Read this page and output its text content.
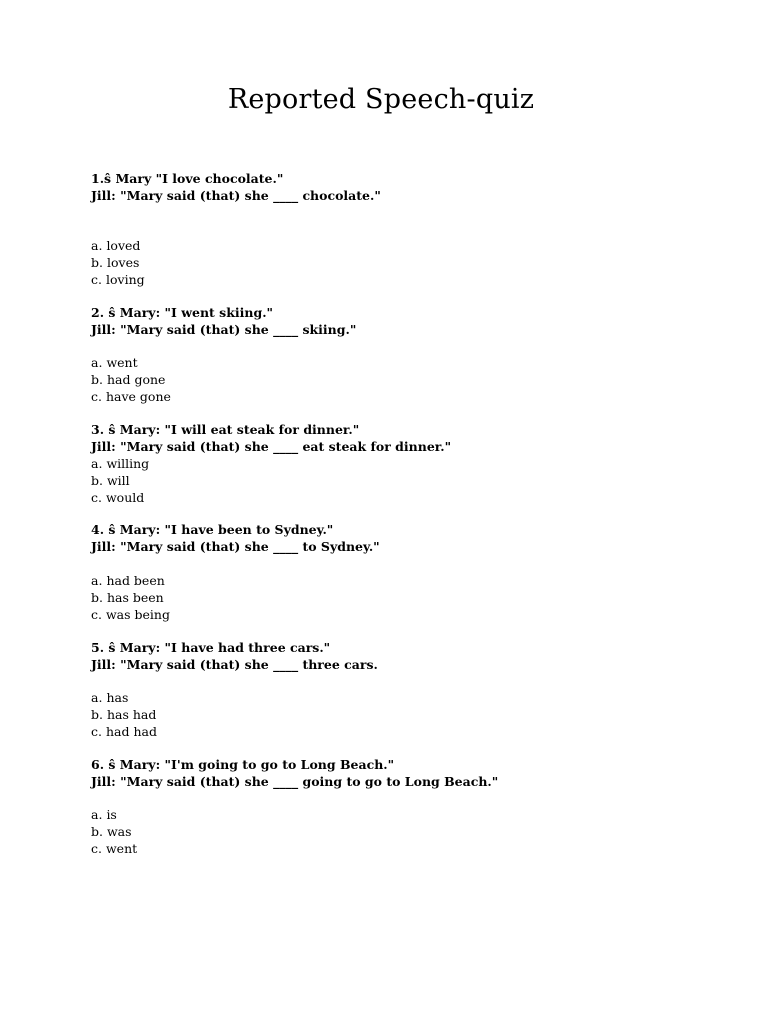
Reported Speech-quiz
1.ŝ Mary "I love chocolate."
Jill: "Mary said (that) she ____ chocolate."
a. loved
b. loves
c. loving
2. ŝ Mary: "I went skiing."
Jill: "Mary said (that) she ____ skiing."
a. went
b. had gone
c. have gone
3. ŝ Mary: "I will eat steak for dinner."
Jill: "Mary said (that) she ____ eat steak for dinner."
a. willing
b. will
c. would
4. ŝ Mary: "I have been to Sydney."
Jill: "Mary said (that) she ____ to Sydney."
a. had been
b. has been
c. was being
5. ŝ Mary: "I have had three cars."
Jill: "Mary said (that) she ____ three cars.
a. has
b. has had
c. had had
6. ŝ Mary: "I'm going to go to Long Beach."
Jill: "Mary said (that) she ____ going to go to Long Beach."
a. is
b. was
c. went
